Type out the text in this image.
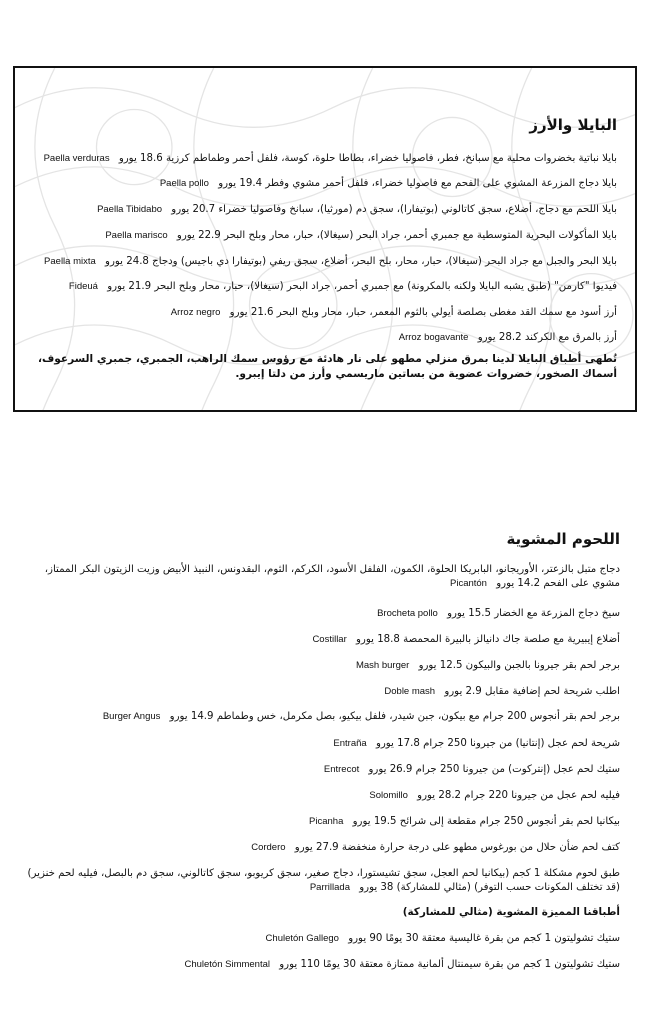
البايلا والأرز
بايلا نباتية بخضروات محلية مع سبانخ، فطر، فاصوليا خضراء، بطاطا حلوة، كوسة، فلفل أحمر وطماطم كرزية 18.6 يورو Paella verduras
بايلا دجاج المزرعة المشوي على الفحم مع فاصوليا خضراء، فلفل أحمر مشوي وفطر 19.4 يورو Paella pollo
بايلا اللحم مع دجاج، أضلاع، سجق كاتالوني (بوتيفارا)، سجق دم (مورثيا)، سبانخ وفاصوليا خضراء 20.7 يورو Paella Tibidabo
بايلا المأكولات البحرية المتوسطية مع جمبري أحمر، جراد البحر (سيغالا)، حبار، محار وبلح البحر 22.9 يورو Paella marisco
بايلا البحر والجبل مع جراد البحر (سيغالا)، حبار، محار، بلح البحر، أضلاع، سجق ريفي (بوتيفارا دي باجيس) ودجاج 24.8 يورو Paella mixta
فيديوا "كارمن" (طبق يشبه البايلا ولكنه بالمكرونة) مع جمبري أحمر، جراد البحر (سيغالا)، حبار، محار وبلح البحر 21.9 يورو Fideuá
أرز أسود مع سمك القد مغطى بصلصة أيولي بالثوم المعمر، حبار، محار وبلح البحر 21.6 يورو Arroz negro
أرز بالمرق مع الكركند 28.2 يورو Arroz bogavante
تُطهى أطباق البايلا لدينا بمرق منزلي مطهو على نار هادئة مع رؤوس سمك الراهب، الجمبري، جمبري السرعوف، أسماك الصخور، خضروات عضوية من بساتين ماريسمي وأرز من دلتا إيبرو.
اللحوم المشوية
دجاج متبل بالزعتر، الأوريجانو، البابريكا الحلوة، الكمون، الفلفل الأسود، الكركم، الثوم، البقدونس، النبيذ الأبيض وزيت الزيتون البكر الممتاز، مشوي على الفحم 14.2 يورو Picantón
سيخ دجاج المزرعة مع الخضار 15.5 يورو Brocheta pollo
أضلاع إيبيرية مع صلصة جاك دانيالز بالبيرة المحمصة 18.8 يورو Costillar
برجر لحم بقر جيرونا بالجبن والبيكون 12.5 يورو Mash burger
اطلب شريحة لحم إضافية مقابل 2.9 يورو Doble mash
برجر لحم بقر أنجوس 200 جرام مع بيكون، جبن شيدر، فلفل بيكيو، بصل مكرمل، خس وطماطم 14.9 يورو Burger Angus
شريحة لحم عجل (إنتانيا) من جيرونا 250 جرام 17.8 يورو Entraña
ستيك لحم عجل (إنتركوت) من جيرونا 250 جرام 26.9 يورو Entrecot
فيليه لحم عجل من جيرونا 220 جرام 28.2 يورو Solomillo
بيكانيا لحم بقر أنجوس 250 جرام مقطعة إلى شرائح 19.5 يورو Picanha
كتف لحم ضأن حلال من بورغوس مطهو على درجة حرارة منخفضة 27.9 يورو Cordero
طبق لحوم مشكلة 1 كجم (بيكانيا لحم العجل، سجق تشيستورا، دجاج صغير، سجق كريوبو، سجق كاتالوني، سجق دم بالبصل، فيليه لحم خنزير) (قد تختلف المكونات حسب التوفر) (مثالي للمشاركة) 38 يورو Parrillada
أطباقنا المميزة المشوية (مثالي للمشاركة)
ستيك تشوليتون 1 كجم من بقرة غاليسية معتقة 30 يومًا 90 يورو Chuletón Gallego
ستيك تشوليتون 1 كجم من بقرة سيمنتال ألمانية ممتازة معتقة 30 يومًا 110 يورو Chuletón Simmental
